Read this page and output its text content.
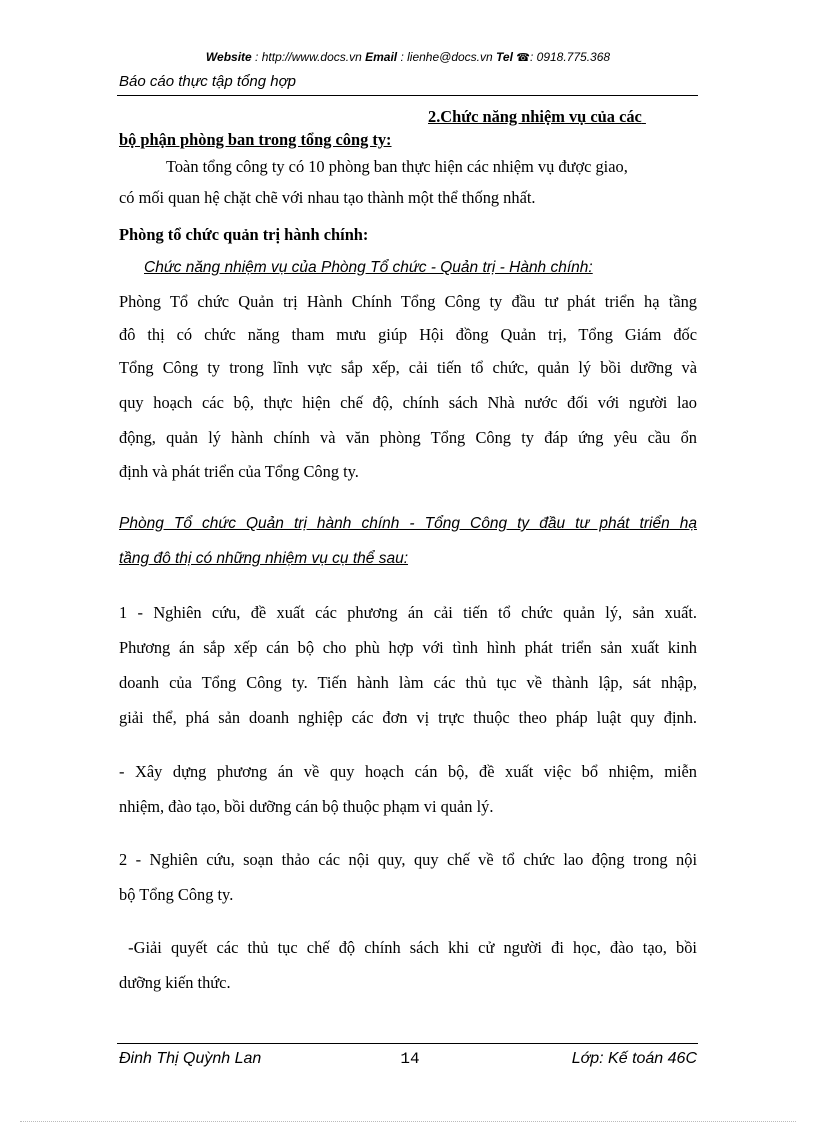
Website : http://www.docs.vn Email : lienhe@docs.vn Tel ☎: 0918.775.368
Báo cáo thực tập tổng hợp
2.Chức năng nhiệm vụ của các
bộ phận phòng ban trong tổng công ty:
Toàn tổng công ty có 10 phòng ban thực hiện các nhiệm vụ được giao,
có mối quan hệ chặt chẽ với nhau tạo thành một thể thống nhất.
Phòng tổ chức quản trị hành chính:
Chức năng nhiệm vụ của Phòng Tổ chức - Quản trị - Hành chính:
Phòng Tổ chức Quản trị Hành Chính Tổng Công ty đầu tư phát triển hạ tầng
đô thị có chức năng tham mưu giúp Hội đồng Quản trị, Tổng Giám đốc
Tổng Công ty trong lĩnh vực sắp xếp, cải tiến tổ chức, quản lý bồi dưỡng và
quy hoạch các bộ, thực hiện chế độ, chính sách Nhà nước đối với người lao
động, quản lý hành chính và văn phòng Tổng Công ty đáp ứng yêu cầu ổn
định và phát triển của Tổng Công ty.
Phòng Tổ chức Quản trị hành chính - Tổng Công ty đầu tư phát triển hạ
tầng đô thị có những nhiệm vụ cụ thể sau:
1 - Nghiên cứu, đề xuất các phương án cải tiến tổ chức quản lý, sản xuất.
Phương án sắp xếp cán bộ cho phù hợp với tình hình phát triển sản xuất kinh
doanh của Tổng Công ty. Tiến hành làm các thủ tục về thành lập, sát nhập,
giải thể, phá sản doanh nghiệp các đơn vị trực thuộc theo pháp luật quy định.
- Xây dựng phương án về quy hoạch cán bộ, đề xuất việc bổ nhiệm, miễn
nhiệm, đào tạo, bồi dưỡng cán bộ thuộc phạm vi quản lý.
2 - Nghiên cứu, soạn thảo các nội quy, quy chế về tổ chức lao động trong nội
bộ Tổng Công ty.
-Giải quyết các thủ tục chế độ chính sách khi cử người đi học, đào tạo, bồi
dưỡng kiến thức.
Đinh Thị Quỳnh Lan	14	Lớp: Kế toán 46C
